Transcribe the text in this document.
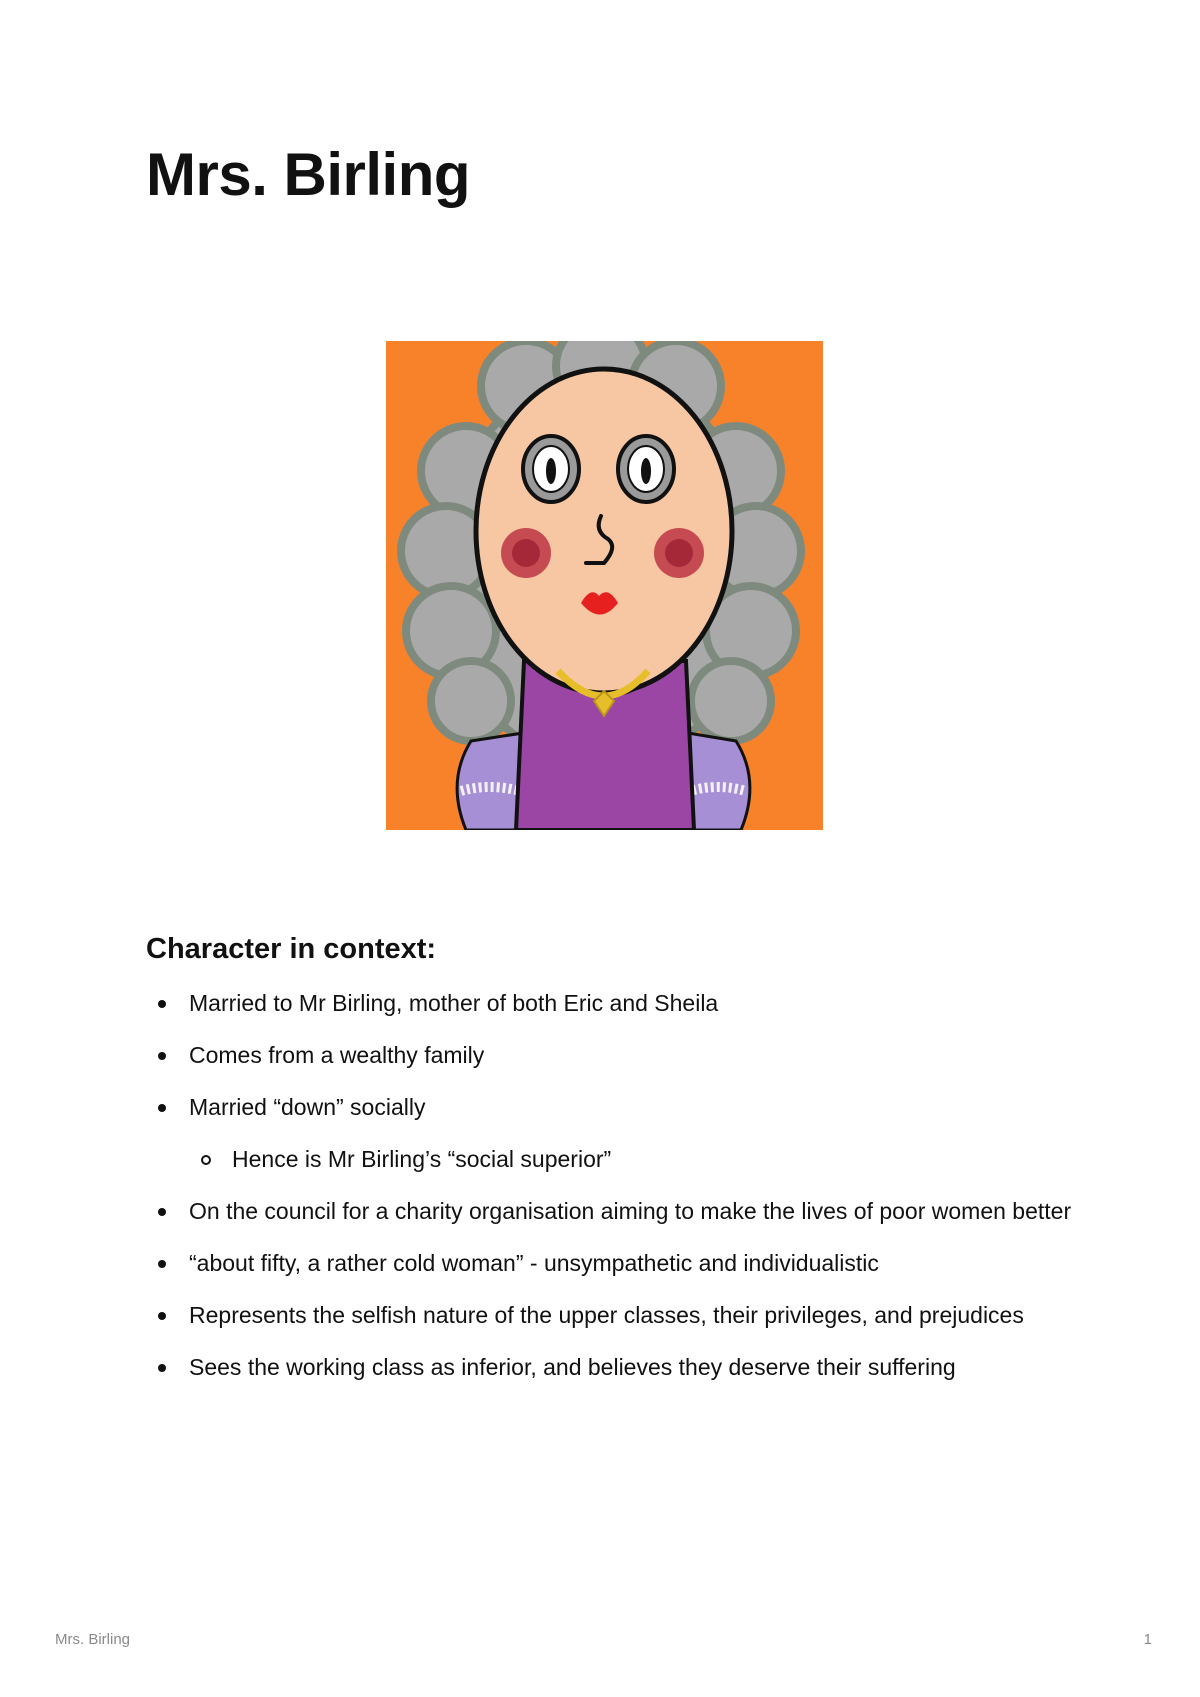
Mrs. Birling
Character in context:
Married to Mr Birling, mother of both Eric and Sheila
Comes from a wealthy family
Married “down” socially
Hence is Mr Birling’s “social superior”
On the council for a charity organisation aiming to make the lives of poor women better
“about fifty, a rather cold woman” - unsympathetic and individualistic
Represents the selfish nature of the upper classes, their privileges, and prejudices
Sees the working class as inferior, and believes they deserve their suffering
Mrs. Birling	1
